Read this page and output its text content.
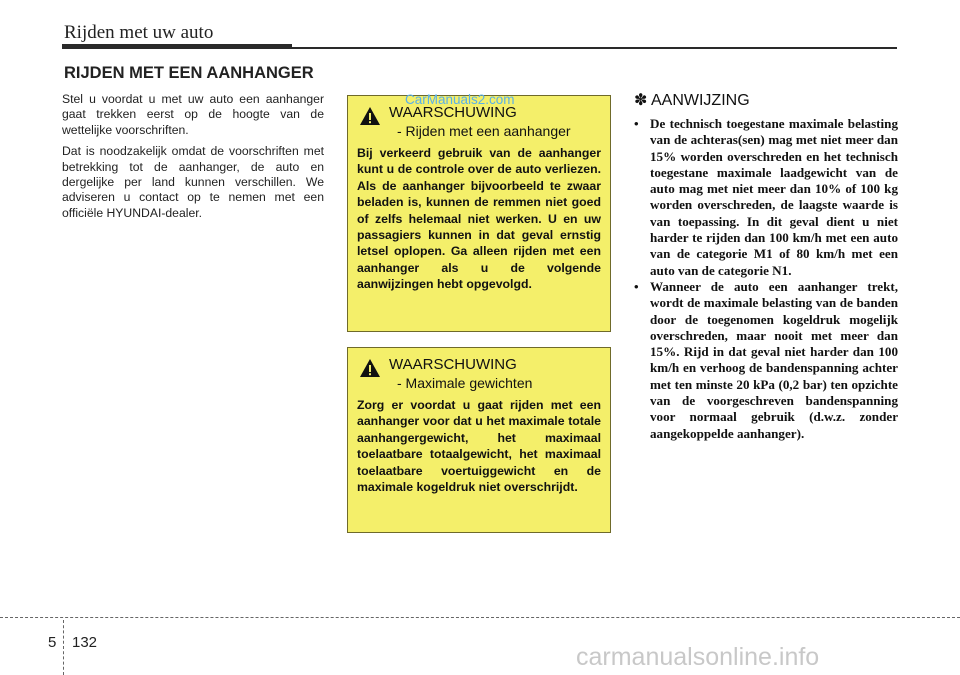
Rijden met uw auto
RIJDEN MET EEN AANHANGER

Stel u voordat u met uw auto een aanhanger gaat trekken eerst op de hoogte van de wettelijke voorschriften.

Dat is noodzakelijk omdat de voorschriften met betrekking tot de aanhanger, de auto en dergelijke per land kunnen verschillen. We adviseren u contact op te nemen met een officiële HYUNDAI-dealer.

WAARSCHUWING
- Rijden met een aanhanger
Bij verkeerd gebruik van de aanhanger kunt u de controle over de auto verliezen. Als de aanhanger bijvoorbeeld te zwaar beladen is, kunnen de remmen niet goed of zelfs helemaal niet werken. U en uw passagiers kunnen in dat geval ernstig letsel oplopen. Ga alleen rijden met een aanhanger als u de volgende aanwijzingen hebt opgevolgd.
CarManuals2.com
WAARSCHUWING
- Maximale gewichten
Zorg er voordat u gaat rijden met een aanhanger voor dat u het maximale totale aanhangergewicht, het maximaal toelaatbare totaalgewicht, het maximaal toelaatbare voertuiggewicht en de maximale kogeldruk niet overschrijdt.
✽ AANWIJZING
• De technisch toegestane maximale belasting van de achteras(sen) mag met niet meer dan 15% worden overschreden en het technisch toegestane maximale laadgewicht van de auto mag met niet meer dan 10% of 100 kg worden overschreden, de laagste waarde is van toepassing. In dit geval dient u niet harder te rijden dan 100 km/h met een auto van de categorie M1 of 80 km/h met een auto van de categorie N1.
• Wanneer de auto een aanhanger trekt, wordt de maximale belasting van de banden door de toegenomen kogeldruk mogelijk overschreden, maar nooit met meer dan 15%. Rijd in dat geval niet harder dan 100 km/h en verhoog de bandenspanning achter met ten minste 20 kPa (0,2 bar) ten opzichte van de voorgeschreven bandenspanning voor normaal gebruik (d.w.z. zonder aangekoppelde aanhanger).
5 132
carmanualsonline.info
